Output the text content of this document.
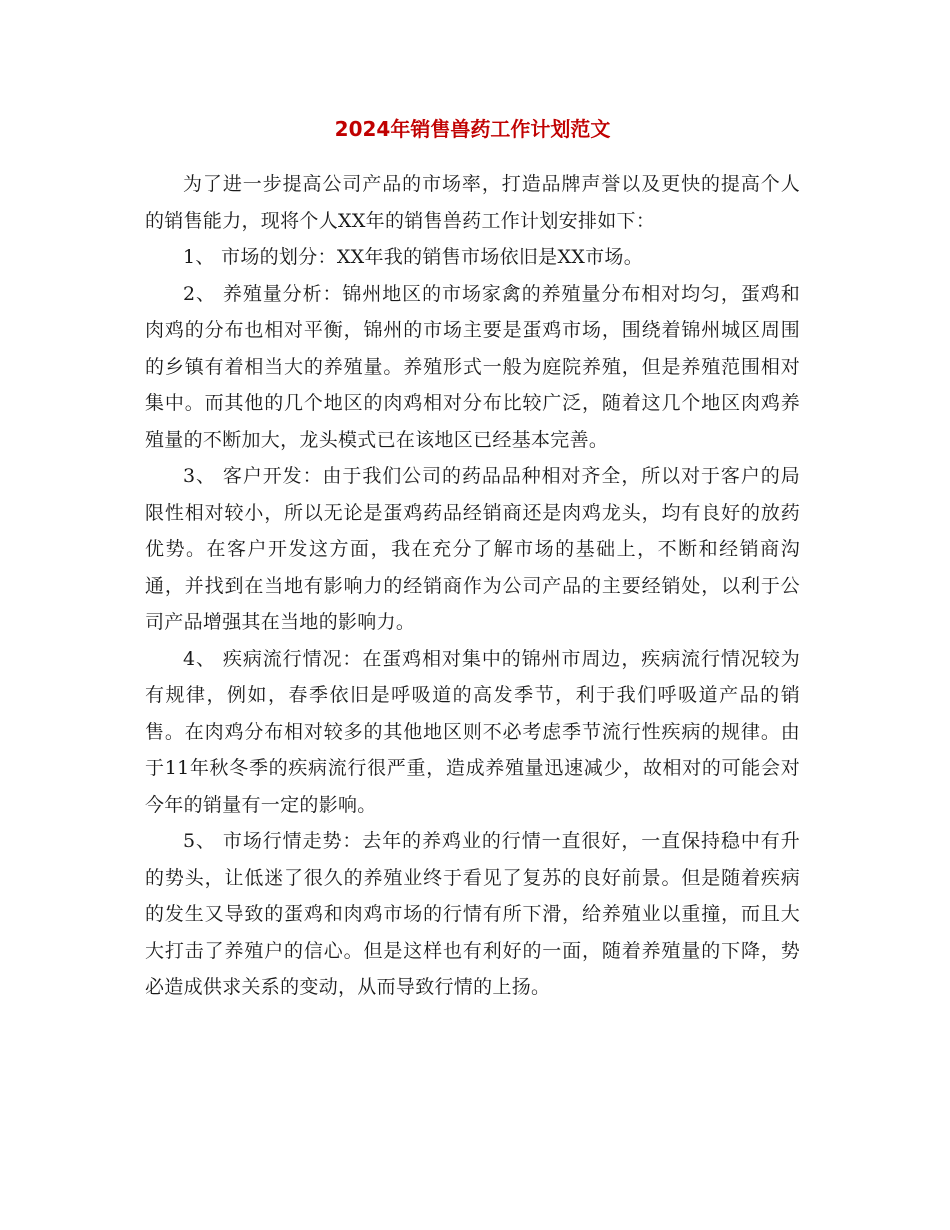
2024年销售兽药工作计划范文

为了进一步提高公司产品的市场率，打造品牌声誉以及更快的提高个人的销售能力，现将个人XX年的销售兽药工作计划安排如下：

1、 市场的划分：XX年我的销售市场依旧是XX市场。

2、 养殖量分析：锦州地区的市场家禽的养殖量分布相对均匀，蛋鸡和肉鸡的分布也相对平衡，锦州的市场主要是蛋鸡市场，围绕着锦州城区周围的乡镇有着相当大的养殖量。养殖形式一般为庭院养殖，但是养殖范围相对集中。而其他的几个地区的肉鸡相对分布比较广泛，随着这几个地区肉鸡养殖量的不断加大，龙头模式已在该地区已经基本完善。

3、 客户开发：由于我们公司的药品品种相对齐全，所以对于客户的局限性相对较小，所以无论是蛋鸡药品经销商还是肉鸡龙头，均有良好的放药优势。在客户开发这方面，我在充分了解市场的基础上，不断和经销商沟通，并找到在当地有影响力的经销商作为公司产品的主要经销处，以利于公司产品增强其在当地的影响力。

4、 疾病流行情况：在蛋鸡相对集中的锦州市周边，疾病流行情况较为有规律，例如，春季依旧是呼吸道的高发季节，利于我们呼吸道产品的销售。在肉鸡分布相对较多的其他地区则不必考虑季节流行性疾病的规律。由于11年秋冬季的疾病流行很严重，造成养殖量迅速减少，故相对的可能会对今年的销量有一定的影响。

5、 市场行情走势：去年的养鸡业的行情一直很好，一直保持稳中有升的势头，让低迷了很久的养殖业终于看见了复苏的良好前景。但是随着疾病的发生又导致的蛋鸡和肉鸡市场的行情有所下滑，给养殖业以重撞，而且大大打击了养殖户的信心。但是这样也有利好的一面，随着养殖量的下降，势必造成供求关系的变动，从而导致行情的上扬。
